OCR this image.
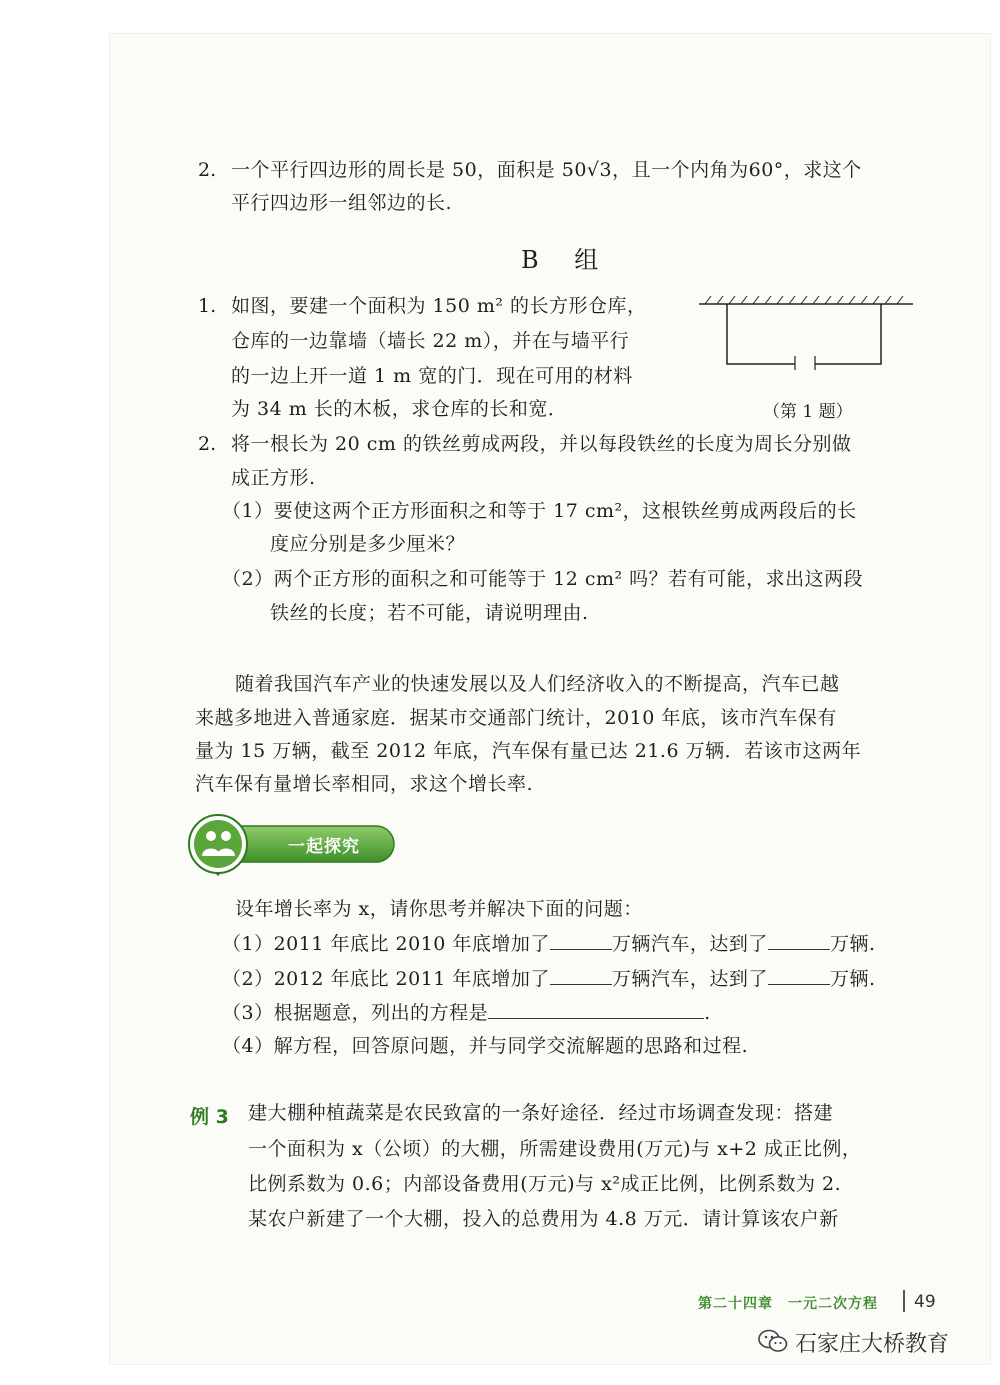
2. 一个平行四边形的周长是 50，面积是 50√3，且一个内角为60°，求这个
平行四边形一组邻边的长.
B 组
1. 如图，要建一个面积为 150 m² 的长方形仓库，
仓库的一边靠墙（墙长 22 m），并在与墙平行
的一边上开一道 1 m 宽的门．现在可用的材料
为 34 m 长的木板，求仓库的长和宽．	（第 1 题）
2. 将一根长为 20 cm 的铁丝剪成两段，并以每段铁丝的长度为周长分别做
成正方形.
（1）要使这两个正方形面积之和等于 17 cm²，这根铁丝剪成两段后的长
度应分别是多少厘米？
（2）两个正方形的面积之和可能等于 12 cm² 吗？若有可能，求出这两段
铁丝的长度；若不可能，请说明理由.
随着我国汽车产业的快速发展以及人们经济收入的不断提高，汽车已越
来越多地进入普通家庭．据某市交通部门统计，2010 年底，该市汽车保有
量为 15 万辆，截至 2012 年底，汽车保有量已达 21.6 万辆．若该市这两年
汽车保有量增长率相同，求这个增长率.
一起探究
设年增长率为 x，请你思考并解决下面的问题：
（1）2011 年底比 2010 年底增加了	万辆汽车，达到了	万辆.
（2）2012 年底比 2011 年底增加了	万辆汽车，达到了	万辆.
（3）根据题意，列出的方程是	.
（4）解方程，回答原问题，并与同学交流解题的思路和过程.
例 3 建大棚种植蔬菜是农民致富的一条好途径．经过市场调查发现：搭建
一个面积为 x（公顷）的大棚，所需建设费用(万元)与 x+2 成正比例，
比例系数为 0.6；内部设备费用(万元)与 x²成正比例，比例系数为 2.
某农户新建了一个大棚，投入的总费用为 4.8 万元．请计算该农户新
第二十四章　一元二次方程 49
石家庄大桥教育
